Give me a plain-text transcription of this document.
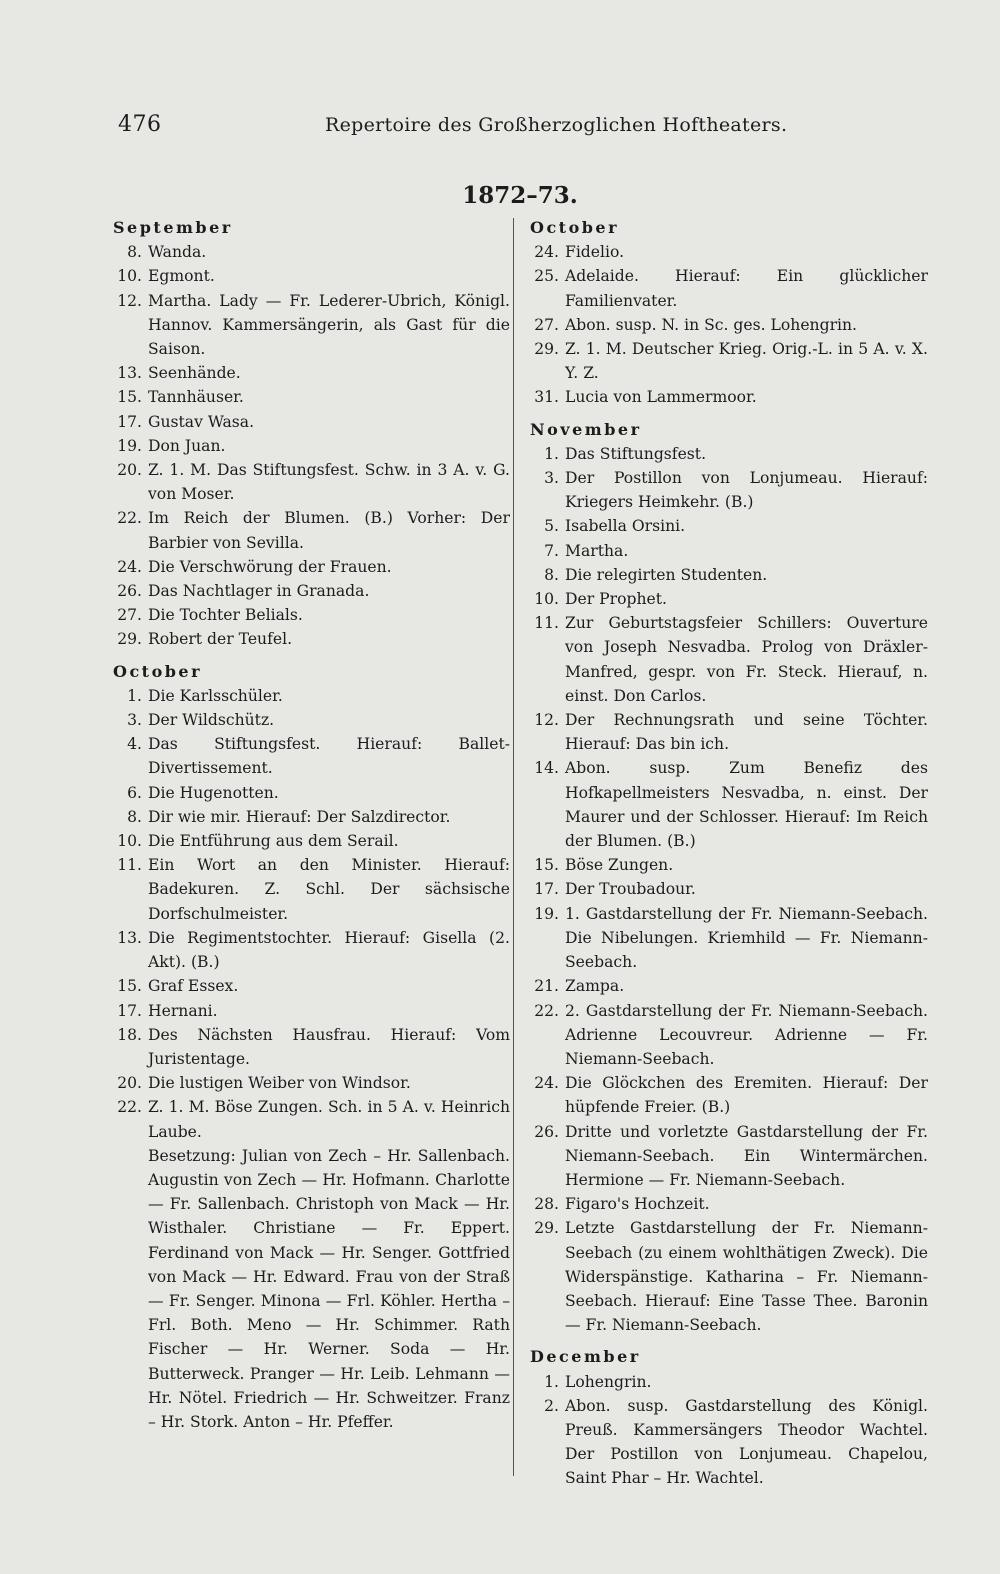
476	Repertoire des Großherzoglichen Hoftheaters.
1872–73.
September
8. Wanda.
10. Egmont.
12. Martha. Lady — Fr. Lederer-Ubrich, Königl. Hannov. Kammersängerin, als Gast für die Saison.
13. Seenhände.
15. Tannhäuser.
17. Gustav Wasa.
19. Don Juan.
20. Z. 1. M. Das Stiftungsfest. Schw. in 3 A. v. G. von Moser.
22. Im Reich der Blumen. (B.) Vorher: Der Barbier von Sevilla.
24. Die Verschwörung der Frauen.
26. Das Nachtlager in Granada.
27. Die Tochter Belials.
29. Robert der Teufel.
October
1. Die Karlsschüler.
3. Der Wildschütz.
4. Das Stiftungsfest. Hierauf: Ballet-Divertissement.
6. Die Hugenotten.
8. Dir wie mir. Hierauf: Der Salzdirector.
10. Die Entführung aus dem Serail.
11. Ein Wort an den Minister. Hierauf: Badekuren. Z. Schl. Der sächsische Dorfschulmeister.
13. Die Regimentstochter. Hierauf: Gisella (2. Akt). (B.)
15. Graf Essex.
17. Hernani.
18. Des Nächsten Hausfrau. Hierauf: Vom Juristentage.
20. Die lustigen Weiber von Windsor.
22. Z. 1. M. Böse Zungen. Sch. in 5 A. v. Heinrich Laube.
Besetzung: Julian von Zech – Hr. Sallenbach. Augustin von Zech — Hr. Hofmann. Charlotte — Fr. Sallenbach. Christoph von Mack — Hr. Wisthaler. Christiane — Fr. Eppert. Ferdinand von Mack — Hr. Senger. Gottfried von Mack — Hr. Edward. Frau von der Straß — Fr. Senger. Minona — Frl. Köhler. Hertha – Frl. Both. Meno — Hr. Schimmer. Rath Fischer — Hr. Werner. Soda — Hr. Butterweck. Pranger — Hr. Leib. Lehmann — Hr. Nötel. Friedrich — Hr. Schweitzer. Franz – Hr. Stork. Anton – Hr. Pfeffer.
October
24. Fidelio.
25. Adelaide. Hierauf: Ein glücklicher Familienvater.
27. Abon. susp. N. in Sc. ges. Lohengrin.
29. Z. 1. M. Deutscher Krieg. Orig.-L. in 5 A. v. X. Y. Z.
31. Lucia von Lammermoor.
November
1. Das Stiftungsfest.
3. Der Postillon von Lonjumeau. Hierauf: Kriegers Heimkehr. (B.)
5. Isabella Orsini.
7. Martha.
8. Die relegirten Studenten.
10. Der Prophet.
11. Zur Geburtstagsfeier Schillers: Ouverture von Joseph Nesvadba. Prolog von Dräxler-Manfred, gespr. von Fr. Steck. Hierauf, n. einst. Don Carlos.
12. Der Rechnungsrath und seine Töchter. Hierauf: Das bin ich.
14. Abon. susp. Zum Benefiz des Hofkapellmeisters Nesvadba, n. einst. Der Maurer und der Schlosser. Hierauf: Im Reich der Blumen. (B.)
15. Böse Zungen.
17. Der Troubadour.
19. 1. Gastdarstellung der Fr. Niemann-Seebach. Die Nibelungen. Kriemhild — Fr. Niemann-Seebach.
21. Zampa.
22. 2. Gastdarstellung der Fr. Niemann-Seebach. Adrienne Lecouvreur. Adrienne — Fr. Niemann-Seebach.
24. Die Glöckchen des Eremiten. Hierauf: Der hüpfende Freier. (B.)
26. Dritte und vorletzte Gastdarstellung der Fr. Niemann-Seebach. Ein Wintermärchen. Hermione — Fr. Niemann-Seebach.
28. Figaro's Hochzeit.
29. Letzte Gastdarstellung der Fr. Niemann-Seebach (zu einem wohlthätigen Zweck). Die Widerspänstige. Katharina – Fr. Niemann-Seebach. Hierauf: Eine Tasse Thee. Baronin — Fr. Niemann-Seebach.
December
1. Lohengrin.
2. Abon. susp. Gastdarstellung des Königl. Preuß. Kammersängers Theodor Wachtel. Der Postillon von Lonjumeau. Chapelou, Saint Phar – Hr. Wachtel.
